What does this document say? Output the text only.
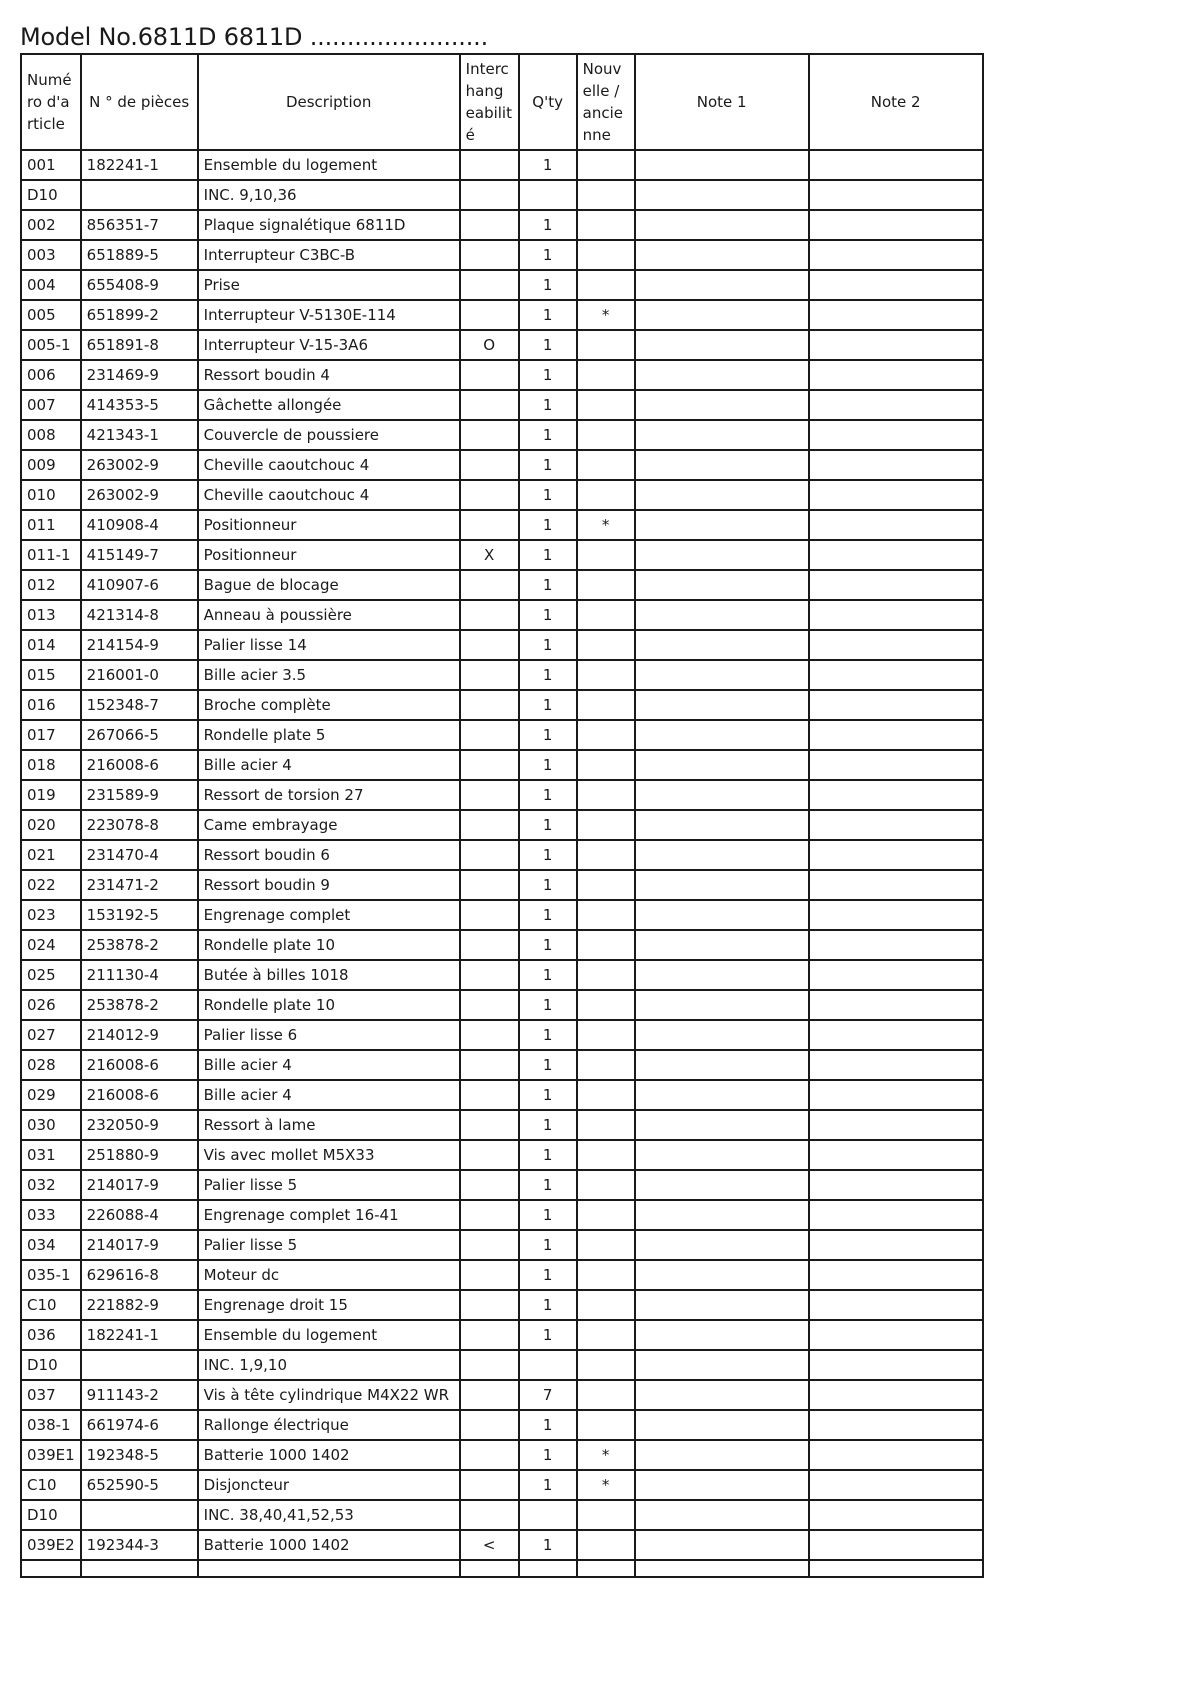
Model No.6811D 6811D ........................
Numé ro d'a rticle	N ° de pièces	Description	Interc hang eabilit é	Q'ty	Nouv elle / ancie nne	Note 1	Note 2
001	182241-1	Ensemble du logement		1			
D10		INC. 9,10,36					
002	856351-7	Plaque signalétique 6811D		1			
003	651889-5	Interrupteur C3BC-B		1			
004	655408-9	Prise		1			
005	651899-2	Interrupteur V-5130E-114		1	*		
005-1	651891-8	Interrupteur V-15-3A6	O	1			
006	231469-9	Ressort boudin 4		1			
007	414353-5	Gâchette allongée		1			
008	421343-1	Couvercle de poussiere		1			
009	263002-9	Cheville caoutchouc 4		1			
010	263002-9	Cheville caoutchouc 4		1			
011	410908-4	Positionneur		1	*		
011-1	415149-7	Positionneur	X	1			
012	410907-6	Bague de blocage		1			
013	421314-8	Anneau à poussière		1			
014	214154-9	Palier lisse 14		1			
015	216001-0	Bille acier 3.5		1			
016	152348-7	Broche complète		1			
017	267066-5	Rondelle plate 5		1			
018	216008-6	Bille acier 4		1			
019	231589-9	Ressort de torsion 27		1			
020	223078-8	Came embrayage		1			
021	231470-4	Ressort boudin 6		1			
022	231471-2	Ressort boudin 9		1			
023	153192-5	Engrenage complet		1			
024	253878-2	Rondelle plate 10		1			
025	211130-4	Butée à billes 1018		1			
026	253878-2	Rondelle plate 10		1			
027	214012-9	Palier lisse 6		1			
028	216008-6	Bille acier 4		1			
029	216008-6	Bille acier 4		1			
030	232050-9	Ressort à lame		1			
031	251880-9	Vis avec mollet M5X33		1			
032	214017-9	Palier lisse 5		1			
033	226088-4	Engrenage complet 16-41		1			
034	214017-9	Palier lisse 5		1			
035-1	629616-8	Moteur dc		1			
C10	221882-9	Engrenage droit 15		1			
036	182241-1	Ensemble du logement		1			
D10		INC. 1,9,10					
037	911143-2	Vis à tête cylindrique M4X22 WR		7			
038-1	661974-6	Rallonge électrique		1			
039E1	192348-5	Batterie 1000 1402		1	*		
C10	652590-5	Disjoncteur		1	*		
D10		INC. 38,40,41,52,53					
039E2	192344-3	Batterie 1000 1402	<	1			
